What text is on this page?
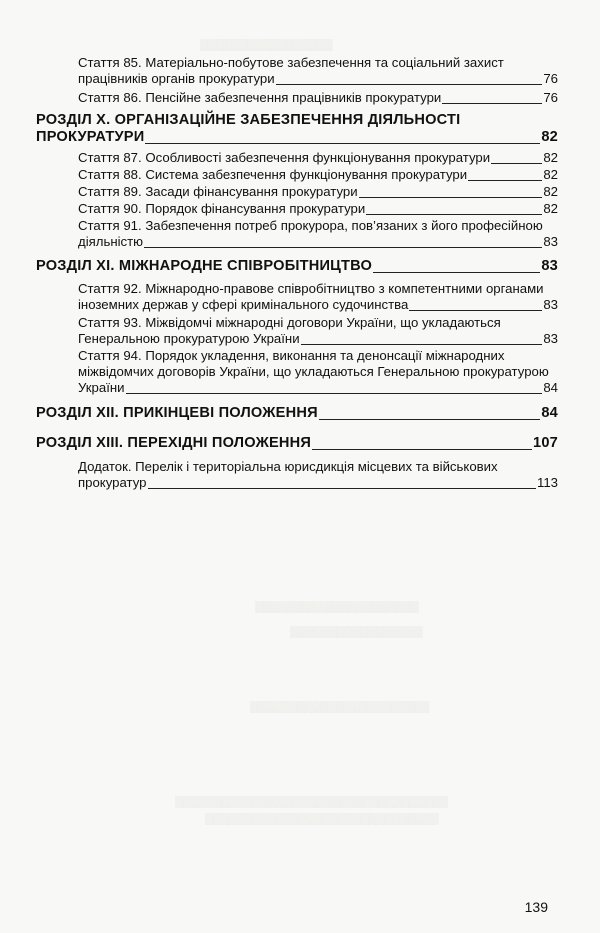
▒▒▒▒▒▒▒▒▒▒▒▒▒▒▒▒▒
▒▒▒▒▒▒▒▒▒▒▒▒▒▒▒▒▒▒▒▒▒
▒▒▒▒▒▒▒▒▒▒▒▒▒▒▒▒▒
▒▒▒▒▒▒▒▒▒▒▒▒▒▒▒▒▒▒▒▒▒▒▒
▒▒▒▒▒▒▒▒▒▒▒▒▒▒▒▒▒▒▒▒▒▒▒▒▒▒▒▒▒▒▒▒▒▒▒
▒▒▒▒▒▒▒▒▒▒▒▒▒▒▒▒▒▒▒▒▒▒▒▒▒▒▒▒▒▒
Стаття 85. Матеріально-побутове забезпечення та соціальний захист
працівників органів прокуратури	76
Стаття 86. Пенсійне забезпечення працівників прокуратури	76
РОЗДІЛ X. ОРГАНІЗАЦІЙНЕ ЗАБЕЗПЕЧЕННЯ ДІЯЛЬНОСТІ
ПРОКУРАТУРИ	82
Стаття 87. Особливості забезпечення функціонування прокуратури	82
Стаття 88. Система забезпечення функціонування прокуратури	82
Стаття 89. Засади фінансування прокуратури	82
Стаття 90. Порядок фінансування прокуратури	82
Стаття 91. Забезпечення потреб прокурора, пов’язаних з його професійною
діяльністю	83
РОЗДІЛ XI. МІЖНАРОДНЕ СПІВРОБІТНИЦТВО	83
Стаття 92. Міжнародно-правове співробітництво з компетентними органами
іноземних держав у сфері кримінального судочинства	83
Стаття 93. Міжвідомчі міжнародні договори України, що укладаються
Генеральною прокуратурою України	83
Стаття 94. Порядок укладення, виконання та денонсації міжнародних
міжвідомчих договорів України, що укладаються Генеральною прокуратурою
України	84
РОЗДІЛ XII. ПРИКІНЦЕВІ ПОЛОЖЕННЯ	84
РОЗДІЛ XIII. ПЕРЕХІДНІ ПОЛОЖЕННЯ	107
Додаток. Перелік і територіальна юрисдикція місцевих та військових
прокуратур	113
139
